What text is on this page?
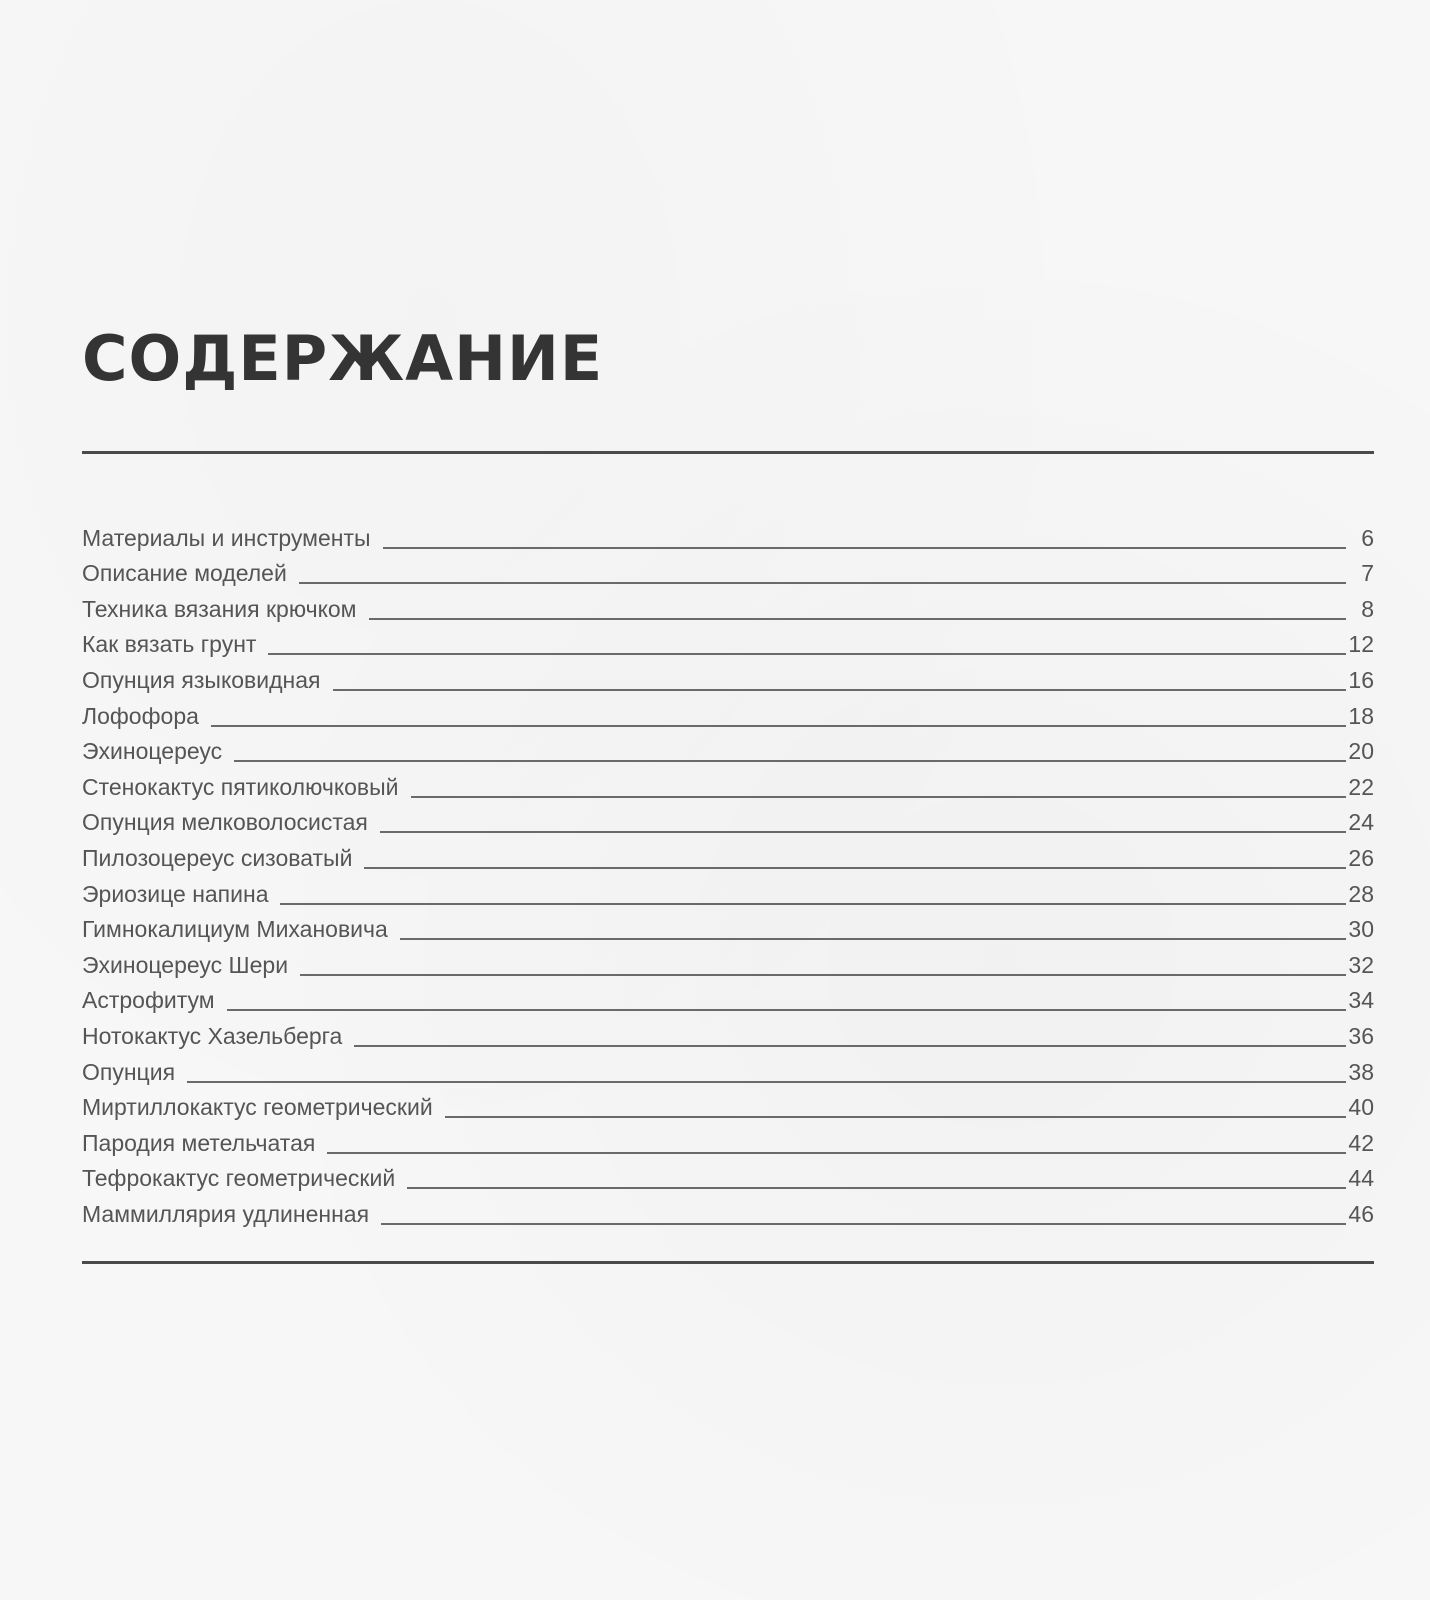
СОДЕРЖАНИЕ
Материалы и инструменты	6
Описание моделей	7
Техника вязания крючком	8
Как вязать грунт	12
Опунция языковидная	16
Лофофора	18
Эхиноцереус	20
Стенокактус пятиколючковый	22
Опунция мелковолосистая	24
Пилозоцереус сизоватый	26
Эриозице напина	28
Гимнокалициум Михановича	30
Эхиноцереус Шери	32
Астрофитум	34
Нотокактус Хазельберга	36
Опунция	38
Миртиллокактус геометрический	40
Пародия метельчатая	42
Тефрокактус геометрический	44
Маммиллярия удлиненная	46
